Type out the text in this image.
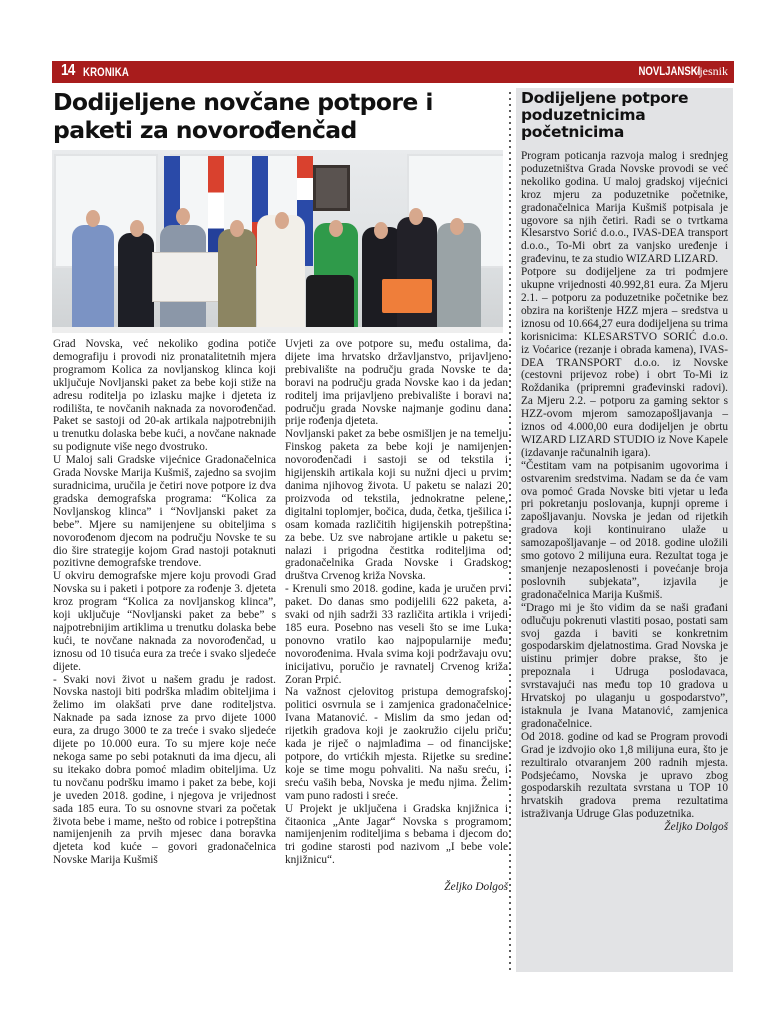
14 KRONIKA	NOVLJANSKI vjesnik
Dodijeljene novčane potpore i paketi za novorođenčad

Grad Novska, već nekoliko godina potiče demografiju i provodi niz pronatalitetnih mjera programom Kolica za novljanskog klinca koji uključuje Novljanski paket za bebe koji stiže na adresu roditelja po izlasku majke i djeteta iz rodilišta, te novčanih naknada za novorođenčad. Paket se sastoji od 20-ak artikala najpotrebnijih u trenutku dolaska bebe kući, a novčane naknade su podignute više nego dvostruko.

U Maloj sali Gradske vijećnice Gradonačelnica Grada Novske Marija Kušmiš, zajedno sa svojim suradnicima, uručila je četiri nove potpore iz dva gradska demografska programa: “Kolica za Novljanskog klinca” i “Novljanski paket za bebe”. Mjere su namijenjene su obiteljima s novorođenom djecom na području Novske te su dio šire strategije kojom Grad nastoji potaknuti pozitivne demografske trendove.

U okviru demografske mjere koju provodi Grad Novska su i paketi i potpore za rođenje 3. djeteta kroz program “Kolica za novljanskog klinca”, koji uključuje “Novljanski paket za bebe” s najpotrebnijim artiklima u trenutku dolaska bebe kući, te novčane naknada za novorođenčad, u iznosu od 10 tisuća eura za treće i svako sljedeće dijete.

- Svaki novi život u našem gradu je radost. Novska nastoji biti podrška mladim obiteljima i želimo im olakšati prve dane roditeljstva. Naknade pa sada iznose za prvo dijete 1000 eura, za drugo 3000 te za treće i svako sljedeće dijete po 10.000 eura. To su mjere koje neće nekoga same po sebi potaknuti da ima djecu, ali su itekako dobra pomoć mladim obiteljima. Uz tu novčanu podršku imamo i paket za bebe, koji je uveden 2018. godine, i njegova je vrijednost sada 185 eura. To su osnovne stvari za početak života bebe i mame, nešto od robice i potrepština namijenjenih za prvih mjesec dana boravka djeteta kod kuće – govori gradonačelnica Novske Marija Kušmiš

Uvjeti za ove potpore su, među ostalima, da dijete ima hrvatsko državljanstvo, prijavljeno prebivalište na području grada Novske te da boravi na području grada Novske kao i da jedan roditelj ima prijavljeno prebivalište i boravi na području grada Novske najmanje godinu dana prije rođenja djeteta.

Novljanski paket za bebe osmišljen je na temelju Finskog paketa za bebe koji je namijenjen novorođenčadi i sastoji se od tekstila i higijenskih artikala koji su nužni djeci u prvim danima njihovog života. U paketu se nalazi 20 proizvoda od tekstila, jednokratne pelene, digitalni toplomjer, bočica, duda, četka, tješilica i osam komada različitih higijenskih potrepština za bebe. Uz sve nabrojane artikle u paketu se nalazi i prigodna čestitka roditeljima od gradonačelnika Grada Novske i Gradskog društva Crvenog križa Novska.

- Krenuli smo 2018. godine, kada je uručen prvi paket. Do danas smo podijelili 622 paketa, a svaki od njih sadrži 33 različita artikla i vrijedi 185 eura. Posebno nas veseli što se ime Luka ponovno vratilo kao najpopularnije među novorođenima. Hvala svima koji podržavaju ovu inicijativu, poručio je ravnatelj Crvenog križa Zoran Prpić.

Na važnost cjelovitog pristupa demografskoj politici osvrnula se i zamjenica gradonačelnice Ivana Matanović. - Mislim da smo jedan od rijetkih gradova koji je zaokružio cijelu priču kada je riječ o najmlađima – od financijske potpore, do vrtićkih mjesta. Rijetke su sredine koje se time mogu pohvaliti. Na našu sreću, i sreću vaših beba, Novska je među njima. Želim vam puno radosti i sreće.

U Projekt je uključena i Gradska knjižnica i čitaonica „Ante Jagar“ Novska s programom namijenjenim roditeljima s bebama i djecom do tri godine starosti pod nazivom „I bebe vole knjižnicu“.

Željko Dolgoš

Dodijeljene potpore poduzetnicima početnicima

Program poticanja razvoja malog i srednjeg poduzetništva Grada Novske provodi se već nekoliko godina. U maloj gradskoj vijećnici kroz mjeru za poduzetnike početnike, gradonačelnica Marija Kušmiš potpisala je ugovore sa njih četiri. Radi se o tvrtkama Klesarstvo Sorić d.o.o., IVAS-DEA transport d.o.o., To-Mi obrt za vanjsko uređenje i građevinu, te za studio WIZARD LIZARD.

Potpore su dodijeljene za tri podmjere ukupne vrijednosti 40.992,81 eura. Za Mjeru 2.1. – potporu za poduzetnike početnike bez obzira na korištenje HZZ mjera – sredstva u iznosu od 10.664,27 eura dodijeljena su trima korisnicima: KLESARSTVO SORIĆ d.o.o. iz Voćarice (rezanje i obrada kamena), IVAS-DEA TRANSPORT d.o.o. iz Novske (cestovni prijevoz robe) i obrt To-Mi iz Roždanika (pripremni građevinski radovi). Za Mjeru 2.2. – potporu za gaming sektor s HZZ-ovom mjerom samozapošljavanja – iznos od 4.000,00 eura dodijeljen je obrtu WIZARD LIZARD STUDIO iz Nove Kapele (izdavanje računalnih igara).

“Čestitam vam na potpisanim ugovorima i ostvarenim sredstvima. Nadam se da će vam ova pomoć Grada Novske biti vjetar u leđa pri pokretanju poslovanja, kupnji opreme i zapošljavanju. Novska je jedan od rijetkih gradova koji kontinuirano ulaže u samozapošljavanje – od 2018. godine uložili smo gotovo 2 milijuna eura. Rezultat toga je smanjenje nezaposlenosti i povećanje broja poslovnih subjekata”, izjavila je gradonačelnica Marija Kušmiš.

“Drago mi je što vidim da se naši građani odlučuju pokrenuti vlastiti posao, postati sam svoj gazda i baviti se konkretnim gospodarskim djelatnostima. Grad Novska je uistinu primjer dobre prakse, što je prepoznala i Udruga poslodavaca, svrstavajući nas među top 10 gradova u Hrvatskoj po ulaganju u gospodarstvo”, istaknula je Ivana Matanović, zamjenica gradonačelnice.

Od 2018. godine od kad se Program provodi Grad je izdvojio oko 1,8 milijuna eura, što je rezultiralo otvaranjem 200 radnih mjesta. Podsjećamo, Novska je upravo zbog gospodarskih rezultata svrstana u TOP 10 hrvatskih gradova prema rezultatima istraživanja Udruge Glas poduzetnika.

Željko Dolgoš
